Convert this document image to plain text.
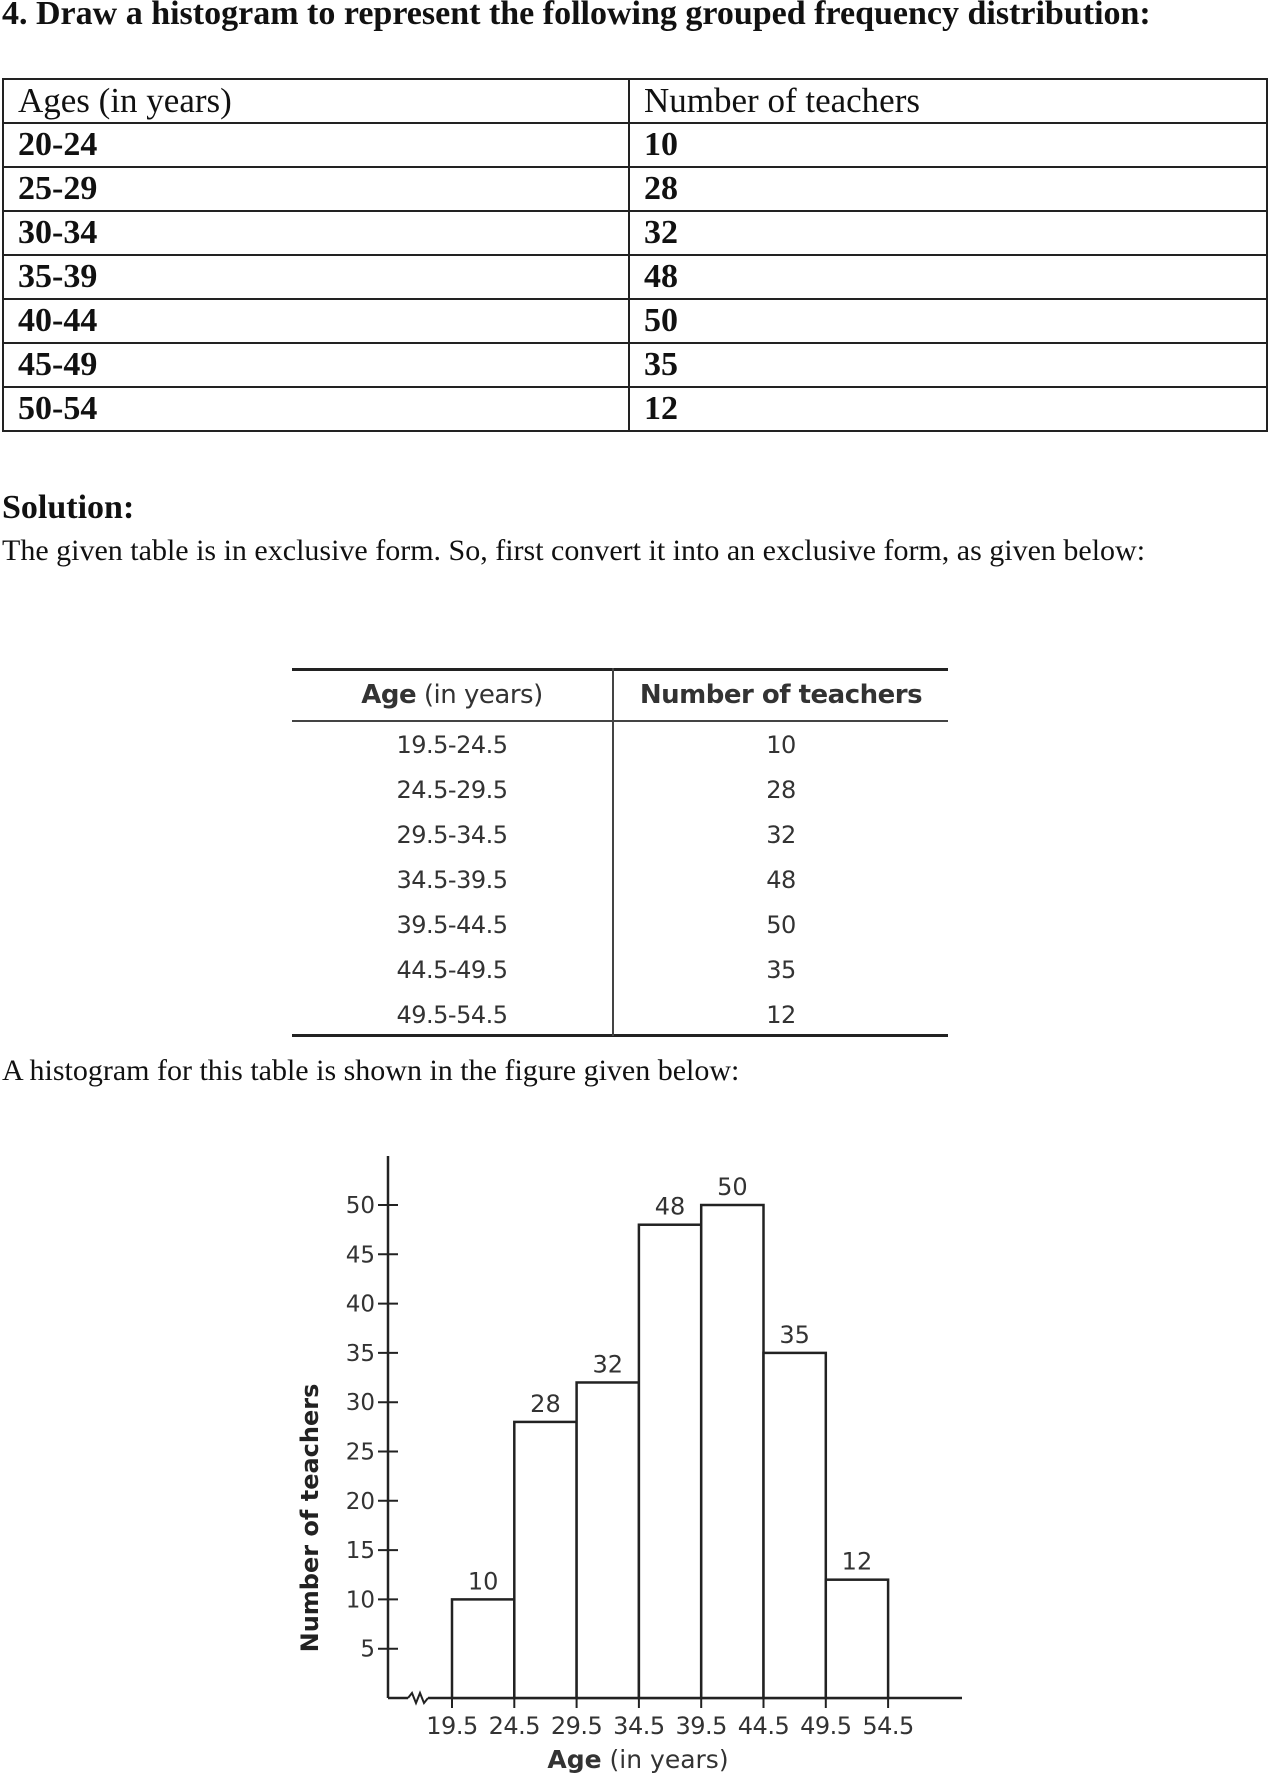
4. Draw a histogram to represent the following grouped frequency distribution:

Ages (in years)	Number of teachers
20-24	10
25-29	28
30-34	32
35-39	48
40-44	50
45-49	35
50-54	12

Solution:

The given table is in exclusive form. So, first convert it into an exclusive form, as given below:

Age (in years)	Number of teachers
19.5-24.5	10
24.5-29.5	28
29.5-34.5	32
34.5-39.5	48
39.5-44.5	50
44.5-49.5	35
49.5-54.5	12

A histogram for this table is shown in the figure given below:

Number of teachers
Age (in years)
5
10
15
20
25
30
35
40
45
50
10
28
32
48
50
35
12
19.5 24.5 29.5 34.5 39.5 44.5 49.5 54.5
